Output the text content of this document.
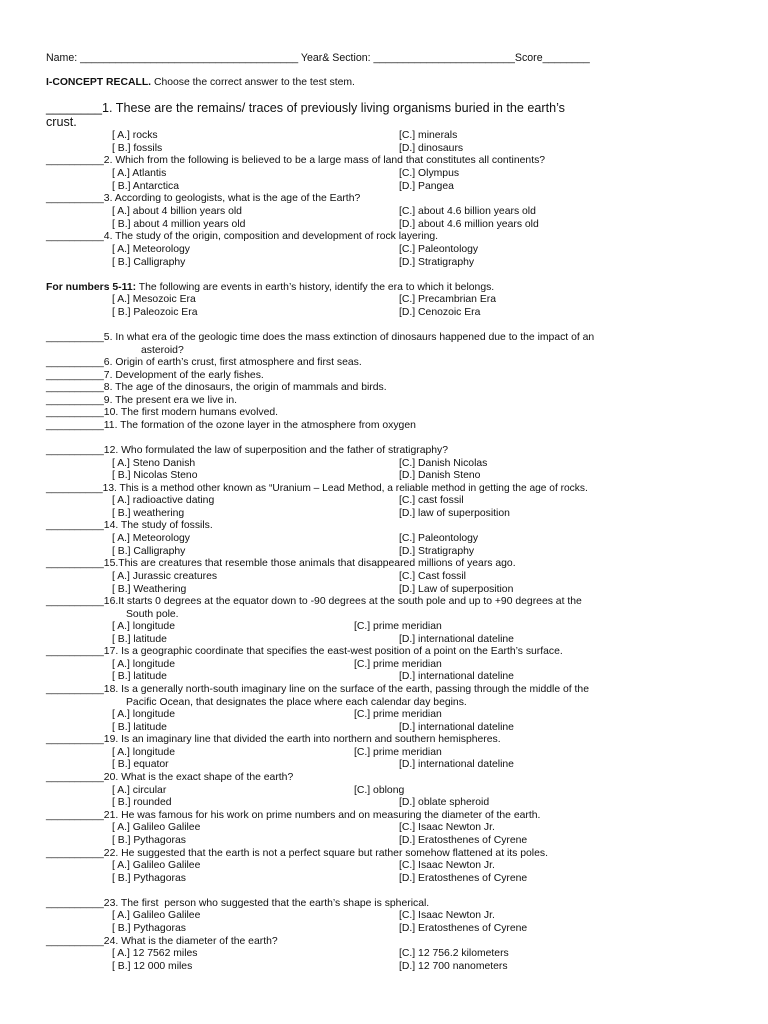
Name: _____________________________________ Year& Section: ________________________Score________
I-CONCEPT RECALL. Choose the correct answer to the test stem.
________1. These are the remains/ traces of previously living organisms buried in the earth’s
crust.
[ A.] rocks
[ B.] fossils
[C.] minerals
[D.] dinosaurs
__________2. Which from the following is believed to be a large mass of land that constitutes all continents?
[ A.] Atlantis
[ B.] Antarctica
[C.] Olympus
[D.] Pangea
__________3. According to geologists, what is the age of the Earth?
[ A.] about 4 billion years old
[ B.] about 4 million years old
[C.] about 4.6 billion years old
[D.] about 4.6 million years old
__________4. The study of the origin, composition and development of rock layering.
[ A.] Meteorology
[ B.] Calligraphy
[C.] Paleontology
[D.] Stratigraphy
For numbers 5-11: The following are events in earth’s history, identify the era to which it belongs.
[ A.] Mesozoic Era
[ B.] Paleozoic Era
[C.] Precambrian Era
[D.] Cenozoic Era
__________5. In what era of the geologic time does the mass extinction of dinosaurs happened due to the impact of an
asteroid?
__________6. Origin of earth’s crust, first atmosphere and first seas.
__________7. Development of the early fishes.
__________8. The age of the dinosaurs, the origin of mammals and birds.
__________9. The present era we live in.
__________10. The first modern humans evolved.
__________11. The formation of the ozone layer in the atmosphere from oxygen
__________12. Who formulated the law of superposition and the father of stratigraphy?
[ A.] Steno Danish
[ B.] Nicolas Steno
[C.] Danish Nicolas
[D.] Danish Steno
__________13. This is a method other known as “Uranium – Lead Method, a reliable method in getting the age of rocks.
[ A.] radioactive dating
[ B.] weathering
[C.] cast fossil
[D.] law of superposition
__________14. The study of fossils.
[ A.] Meteorology
[ B.] Calligraphy
[C.] Paleontology
[D.] Stratigraphy
__________15.This are creatures that resemble those animals that disappeared millions of years ago.
[ A.] Jurassic creatures
[ B.] Weathering
[C.] Cast fossil
[D.] Law of superposition
__________16.It starts 0 degrees at the equator down to -90 degrees at the south pole and up to +90 degrees at the
South pole.
[ A.] longitude
[ B.] latitude
[C.] prime meridian
[D.] international dateline
__________17. Is a geographic coordinate that specifies the east-west position of a point on the Earth’s surface.
[ A.] longitude
[ B.] latitude
[C.] prime meridian
[D.] international dateline
__________18. Is a generally north-south imaginary line on the surface of the earth, passing through the middle of the
Pacific Ocean, that designates the place where each calendar day begins.
[ A.] longitude
[ B.] latitude
[C.] prime meridian
[D.] international dateline
__________19. Is an imaginary line that divided the earth into northern and southern hemispheres.
[ A.] longitude
[ B.] equator
[C.] prime meridian
[D.] international dateline
__________20. What is the exact shape of the earth?
[ A.] circular
[ B.] rounded
[C.] oblong
[D.] oblate spheroid
__________21. He was famous for his work on prime numbers and on measuring the diameter of the earth.
[ A.] Galileo Galilee
[ B.] Pythagoras
[C.] Isaac Newton Jr.
[D.] Eratosthenes of Cyrene
__________22. He suggested that the earth is not a perfect square but rather somehow flattened at its poles.
[ A.] Galileo Galilee
[ B.] Pythagoras
[C.] Isaac Newton Jr.
[D.] Eratosthenes of Cyrene
__________23. The first  person who suggested that the earth’s shape is spherical.
[ A.] Galileo Galilee
[ B.] Pythagoras
[C.] Isaac Newton Jr.
[D.] Eratosthenes of Cyrene
__________24. What is the diameter of the earth?
[ A.] 12 7562 miles
[ B.] 12 000 miles
[C.] 12 756.2 kilometers
[D.] 12 700 nanometers
